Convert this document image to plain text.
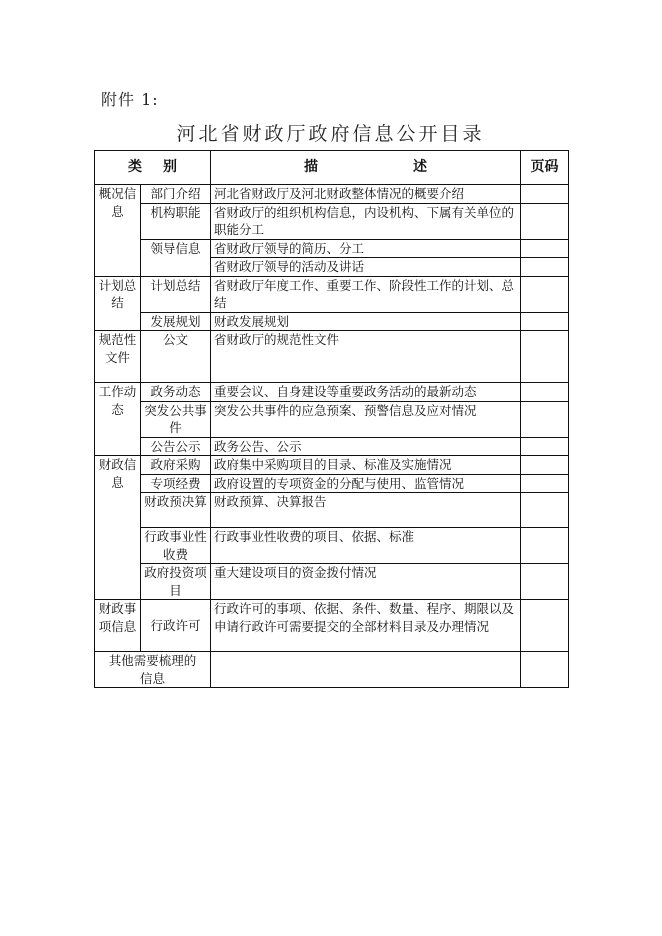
附件 1:
河北省财政厅政府信息公开目录
类 别		描 述	页码
概况信息	部门介绍	河北省财政厅及河北财政整体情况的概要介绍	
	机构职能	省财政厅的组织机构信息，内设机构、下属有关单位的职能分工	
	领导信息	省财政厅领导的简历、分工	
		省财政厅领导的活动及讲话	
计划总结	计划总结	省财政厅年度工作、重要工作、阶段性工作的计划、总结	
	发展规划	财政发展规划	
规范性文件	公文	省财政厅的规范性文件	
工作动态	政务动态	重要会议、自身建设等重要政务活动的最新动态	
	突发公共事件	突发公共事件的应急预案、预警信息及应对情况	
	公告公示	政务公告、公示	
财政信息	政府采购	政府集中采购项目的目录、标准及实施情况	
	专项经费	政府设置的专项资金的分配与使用、监管情况	
	财政预决算	财政预算、决算报告	
	行政事业性收费	行政事业性收费的项目、依据、标准	
	政府投资项目	重大建设项目的资金拨付情况	
财政事项信息	行政许可	行政许可的事项、依据、条件、数量、程序、期限以及申请行政许可需要提交的全部材料目录及办理情况	
其他需要梳理的信息			
